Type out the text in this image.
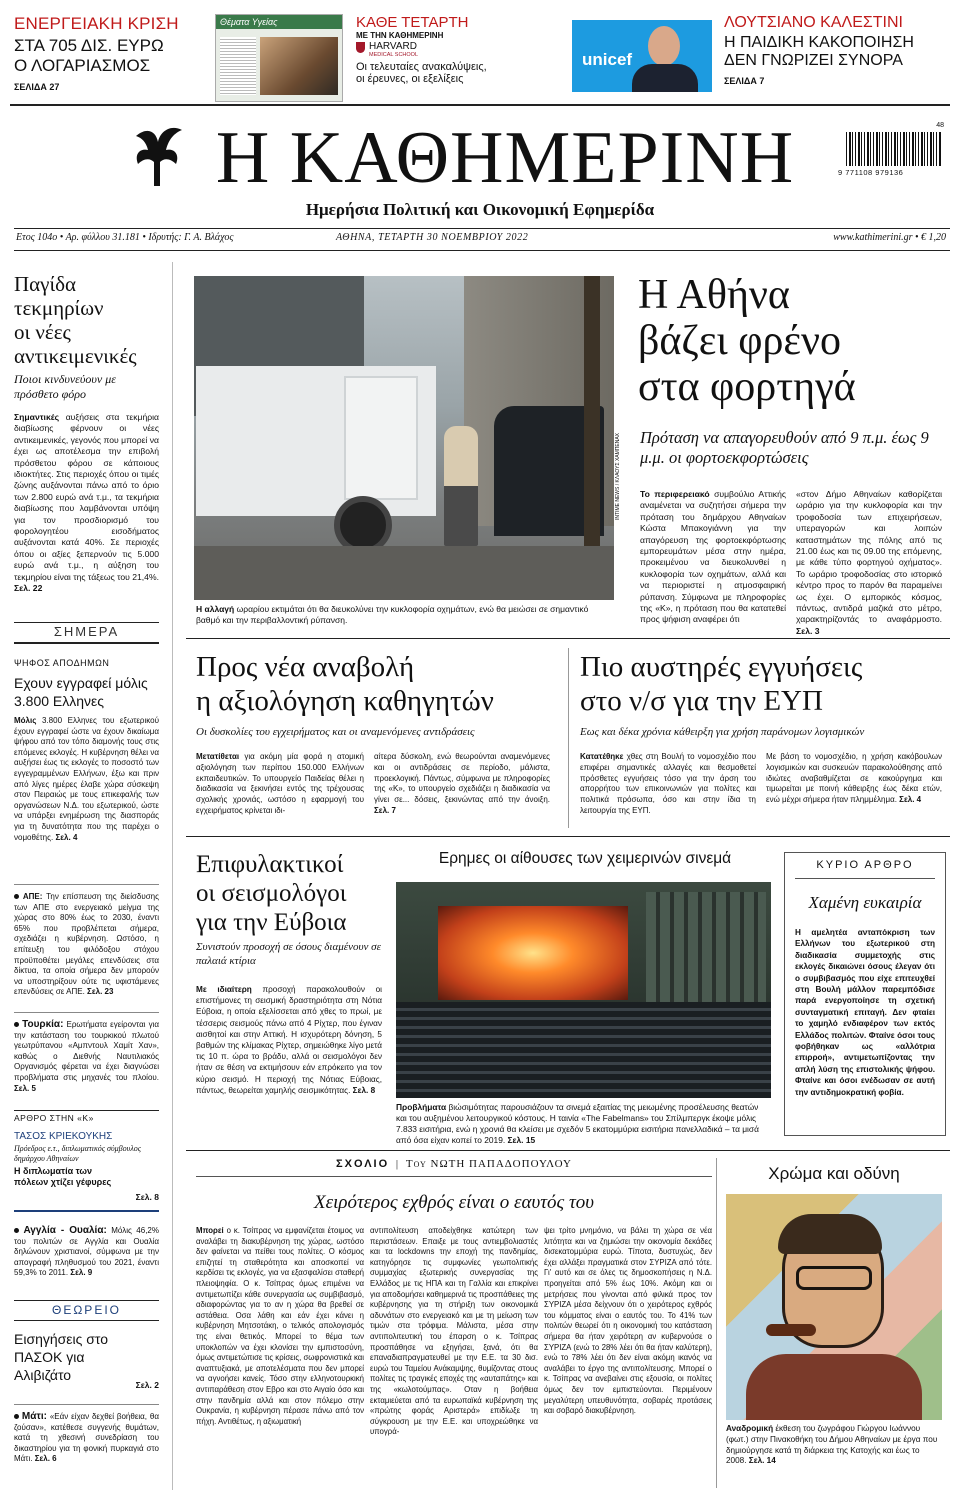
ΕΝΕΡΓΕΙΑΚΗ ΚΡΙΣΗ
ΣΤΑ 705 ΔΙΣ. ΕΥΡΩ
Ο ΛΟΓΑΡΙΑΣΜΟΣ
ΣΕΛΙΔΑ 27
Θέματα Υγείας	ΚΑΘΕ ΤΕΤΑΡΤΗ
ΜΕ ΤΗΝ ΚΑΘΗΜΕΡΙΝΗ
HARVARD
MEDICAL SCHOOL
Οι τελευταίες ανακαλύψεις,
οι έρευνες, οι εξελίξεις
unicef
ΛΟΥΤΣΙΑΝΟ ΚΑΛΕΣΤΙΝΙ
Η ΠΑΙΔΙΚΗ ΚΑΚΟΠΟΙΗΣΗ
ΔΕΝ ΓΝΩΡΙΖΕΙ ΣΥΝΟΡΑ
ΣΕΛΙΔΑ 7
Η ΚΑΘΗΜΕΡΙΝΗ
Ημερήσια Πολιτική και Οικονομική Εφημερίδα
48
9 771108 979136
Ετος 104ο • Αρ. φύλλου 31.181 • Ιδρυτής: Γ. Α. Βλάχος	ΑΘΗΝΑ, ΤΕΤΑΡΤΗ 30 ΝΟΕΜΒΡΙΟΥ 2022	www.kathimerini.gr • € 1,20
Παγίδα
τεκμηρίων
οι νέες
αντικειμενικές
Ποιοι κινδυνεύουν με πρόσθετο φόρο
Σημαντικές αυξήσεις στα τεκμήρια διαβίωσης φέρνουν οι νέες αντικειμενικές, γεγονός που μπορεί να έχει ως αποτέλεσμα την επιβολή πρόσθετου φόρου σε κάποιους ιδιοκτήτες. Στις περιοχές όπου οι τιμές ζώνης αυξάνονται πάνω από το όριο των 2.800 ευρώ ανά τ.μ., τα τεκμήρια διαβίωσης που λαμβάνονται υπόψη για τον προσδιορισμό του φορολογητέου εισοδήματος αυξάνονται κατά 40%. Σε περιοχές όπου οι αξίες ξεπερνούν τις 5.000 ευρώ ανά τ.μ., η αύξηση του τεκμηρίου είναι της τάξεως του 21,4%. Σελ. 22
ΣΗΜΕΡΑ
ΨΗΦΟΣ ΑΠΟΔΗΜΩΝ
Εχουν εγγραφεί μόλις 3.800 Ελληνες
Μόλις 3.800 Ελληνες του εξωτερικού έχουν εγγραφεί ώστε να έχουν δικαίωμα ψήφου από τον τόπο διαμονής τους στις επόμενες εκλογές. Η κυβέρνηση θέλει να αυξήσει έως τις εκλογές το ποσοστό των εγγεγραμμένων Ελλήνων, έξω και πριν από λίγες ημέρες έλαβε χώρα σύσκεψη στον Πειραιώς με τους επικεφαλής των οργανώσεων Ν.Δ. του εξωτερικού, ώστε να υπάρξει ενημέρωση της διασποράς για τη δυνατότητα που της παρέχει ο νομοθέτης. Σελ. 4
ΑΠΕ: Την επίσπευση της διείσδυσης των ΑΠΕ στο ενεργειακό μείγμα της χώρας στο 80% έως το 2030, έναντι 65% που προβλέπεται σήμερα, σχεδιάζει η κυβέρνηση. Ωστόσο, η επίτευξη του φιλόδοξου στόχου προϋποθέτει μεγάλες επενδύσεις στα δίκτυα, τα οποία σήμερα δεν μπορούν να υποστηρίξουν ούτε τις υφιστάμενες επενδύσεις σε ΑΠΕ. Σελ. 23
Τουρκία: Ερωτήματα εγείρονται για την κατάσταση του τουρκικού πλωτού γεωτρύπανου «Αμπντουλ Χαμίτ Χαν», καθώς ο Διεθνής Ναυτιλιακός Οργανισμός φέρεται να έχει διαγνώσει προβλήματα στις μηχανές του πλοίου. Σελ. 5
ΑΡΘΡΟ ΣΤΗΝ «Κ»
ΤΑΣΟΣ ΚΡΙΕΚΟΥΚΗΣ
Πρόεδρος ε.τ., διπλωματικός σύμβουλος δημάρχου Αθηναίων
Η διπλωματία των πόλεων χτίζει γέφυρες
Σελ. 8
Αγγλία - Ουαλία: Μόλις 46,2% του πολιτών σε Αγγλία και Ουαλία δηλώνουν χριστιανοί, σύμφωνα με την απογραφή πληθυσμού του 2021, έναντι 59,3% το 2011. Σελ. 9
ΘΕΩΡΕΙΟ
Εισηγήσεις στο ΠΑΣΟΚ για Αλιβιζάτο
Σελ. 2
Μάτι: «Εάν είχαν δεχθεί βοήθεια, θα ζούσαν», κατέθεσε συγγενής θυμάτων, κατά τη χθεσινή συνεδρίαση του δικαστηρίου για τη φονική πυρκαγιά στο Μάτι. Σελ. 6
INTIME NEWS / ΚΛΑΟΥΣ ΧΑΜΠΕΝΑΧ
Η αλλαγή ωραρίου εκτιμάται ότι θα διευκολύνει την κυκλοφορία οχημάτων, ενώ θα μειώσει σε σημαντικό βαθμό και την περιβαλλοντική ρύπανση.
Η Αθήνα
βάζει φρένο
στα φορτηγά
Πρόταση να απαγορευθούν από 9 π.μ. έως 9 μ.μ. οι φορτοεκφορτώσεις
Το περιφερειακό συμβούλιο Αττικής αναμένεται να συζητήσει σήμερα την πρόταση του δημάρχου Αθηναίων Κώστα Μπακογιάννη για την απαγόρευση της φορτοεκφόρτωσης εμπορευμάτων μέσα στην ημέρα, προκειμένου να διευκολυνθεί η κυκλοφορία των οχημάτων, αλλά και να περιοριστεί η ατμοσφαιρική ρύπανση. Σύμφωνα με πληροφορίες της «Κ», η πρόταση που θα κατατεθεί προς ψήφιση αναφέρει ότι
«στον Δήμο Αθηναίων καθορίζεται ωράριο για την κυκλοφορία και την τροφοδοσία των επιχειρήσεων, υπεραγορών και λοιπών καταστημάτων της πόλης από τις 21.00 έως και τις 09.00 της επόμενης, με κάθε τύπο φορτηγού οχήματος». Το ωράριο τροφοδοσίας στο ιστορικό κέντρο προς το παρόν θα παραμείνει ως έχει. Ο εμπορικός κόσμος, πάντως, αντιδρά μαζικά στο μέτρο, χαρακτηρίζοντάς το αναφάρμοστο. Σελ. 3
Προς νέα αναβολή
η αξιολόγηση καθηγητών
Οι δυσκολίες του εγχειρήματος και οι αναμενόμενες αντιδράσεις
Μετατίθεται για ακόμη μία φορά η ατομική αξιολόγηση των περίπου 150.000 Ελλήνων εκπαιδευτικών. Το υπουργείο Παιδείας θέλει η διαδικασία να ξεκινήσει εντός της τρέχουσας σχολικής χρονιάς, ωστόσο η εφαρμογή του εγχειρήματος κρίνεται ιδι-
αίτερα δύσκολη, ενώ θεωρούνται αναμενόμενες και οι αντιδράσεις σε περίοδο, μάλιστα, προεκλογική. Πάντως, σύμφωνα με πληροφορίες της «Κ», το υπουργείο σχεδιάζει η διαδικασία να γίνει σε... δόσεις, ξεκινώντας από την άνοιξη. Σελ. 7
Πιο αυστηρές εγγυήσεις
στο ν/σ για την ΕΥΠ
Εως και δέκα χρόνια κάθειρξη για χρήση παράνομων λογισμικών
Κατατέθηκε χθες στη Βουλή το νομοσχέδιο που επιφέρει σημαντικές αλλαγές και θεσμοθετεί πρόσθετες εγγυήσεις τόσο για την άρση του απορρήτου των επικοινωνιών για πολίτες και πολιτικά πρόσωπα, όσο και στην ίδια τη λειτουργία της ΕΥΠ.
Με βάση το νομοσχέδιο, η χρήση κακόβουλων λογισμικών και συσκευών παρακολούθησης από ιδιώτες αναβαθμίζεται σε κακούργημα και τιμωρείται με ποινή κάθειρξης έως δέκα ετών, ενώ μέχρι σήμερα ήταν πλημμέλημα. Σελ. 4
Επιφυλακτικοί
οι σεισμολόγοι
για την Εύβοια
Συνιστούν προσοχή σε όσους διαμένουν σε παλαιά κτίρια
Με ιδιαίτερη προσοχή παρακολουθούν οι επιστήμονες τη σεισμική δραστηριότητα στη Νότια Εύβοια, η οποία εξελίσσεται από χθες το πρωί, με τέσσερις σεισμούς πάνω από 4 Ρίχτερ, που έγιναν αισθητοί και στην Αττική. Η ισχυρότερη δόνηση, 5 βαθμών της κλίμακας Ρίχτερ, σημειώθηκε λίγο μετά τις 10 π. ώρα το βράδυ, αλλά οι σεισμολόγοι δεν ήταν σε θέση να εκτιμήσουν εάν επρόκειτο για τον κύριο σεισμό. Η περιοχή της Νότιας Εύβοιας, πάντως, θεωρείται χαμηλής σεισμικότητας. Σελ. 8
Ερημες οι αίθουσες των χειμερινών σινεμά
Προβλήματα βιώσιμότητας παρουσιάζουν τα σινεμά εξαιτίας της μειωμένης προσέλευσης θεατών και του αυξημένου λειτουργικού κόστους. Η ταινία «The Fabelmans» του Σπίλμπεργκ έκοψε μόλις 7.833 εισιτήρια, ενώ η χρονιά θα κλείσει με σχεδόν 5 εκατομμύρια εισιτήρια πανελλαδικά – τα μισά από όσα είχαν κοπεί το 2019. Σελ. 15
ΚΥΡΙΟ ΑΡΘΡΟ
Χαμένη ευκαιρία
Η αμελητέα ανταπόκριση των Ελλήνων του εξωτερικού στη διαδικασία συμμετοχής στις εκλογές δικαιώνει όσους έλεγαν ότι ο συμβιβασμός που είχε επιτευχθεί στη Βουλή μάλλον παρεμπόδισε παρά ενεργοποίησε τη σχετική συνταγματική επιταγή. Δεν φταίει το χαμηλό ενδιαφέρον των εκτός Ελλάδος πολιτών. Φταίνε όσοι τους φοβήθηκαν ως «αλλότρια επιρροή», αντιμετωπίζοντας την απλή λύση της επιστολικής ψήφου. Φταίνε και όσοι ενέδωσαν σε αυτή την αντιδημοκρατική φοβία.
ΣΧΟΛΙΟ | Του ΝΩΤΗ ΠΑΠΑΔΟΠΟΥΛΟΥ
Χειρότερος εχθρός είναι ο εαυτός του
Μπορεί ο κ. Τσίπρας να εμφανίζεται έτοιμος να αναλάβει τη διακυβέρνηση της χώρας, ωστόσο δεν φαίνεται να πείθει τους πολίτες. Ο κόσμος επιζητεί τη σταθερότητα και αποσκοπεί να κερδίσει τις εκλογές, για να εξασφαλίσει σταθερή πλειοψηφία. Ο κ. Τσίπρας όμως επιμένει να αντιμετωπίζει κάθε συνεργασία ως συμβιβασμό, αδιαφορώντας για το αν η χώρα θα βρεθεί σε αστάθεια. Οσα λάθη και εάν έχει κάνει η κυβέρνηση Μητσοτάκη, ο τελικός απολογισμός της είναι θετικός. Μπορεί το θέμα των υποκλοπών να έχει κλονίσει την εμπιστοσύνη, όμως αντιμετώπισε τις κρίσεις, σωφρονιστικά και αναπτυξιακά, με αποτελέσματα που δεν μπορεί να αγνοήσει κανείς. Τόσο στην ελληνοτουρκική αντιπαράθεση στον Εβρο και στο Αιγαίο όσο και στην πανδημία αλλά και στον πόλεμο στην Ουκρανία, η κυβέρνηση πέρασε πάνω από τον πήχη. Αντιθέτως, η αξιωματική
αντιπολίτευση αποδείχθηκε κατώτερη των περιστάσεων. Επαιξε με τους αντιεμβολιαστές και τα lockdowns την εποχή της πανδημίας, κατηγόρησε τις συμφωνίες γεωπολιτικής συμμαχίας εξωτερικής συνεργασίας της Ελλάδος με τις ΗΠΑ και τη Γαλλία και επικρίνει για αποδομήσει καθημερινά τις προσπάθειες της κυβέρνησης για τη στήριξη των οικονομικά αδυνάτων στο ενεργειακό και με τη μείωση των τιμών στα τρόφιμα. Μάλιστα, μέσα στην αντιπολιτευτική του έπαρση ο κ. Τσίπρας προσπάθησε να εξηγήσει, ξανά, ότι θα επαναδιαπραγματευθεί με την Ε.Ε. τα 30 δισ. ευρώ του Ταμείου Ανάκαμψης, θυμίζοντας στους πολίτες τις τραγικές εποχές της «αυταπάτης» και της «κωλοτούμπας». Οταν η βοήθεια εκταμιεύεται από τα ευρωπαϊκά κυβέρνηση της «πρώτης φοράς Αριστερά» επιδίωξε τη σύγκρουση με την Ε.Ε. και υποχρεώθηκε να υπογρά-
ψει τρίτο μνημόνιο, να βάλει τη χώρα σε νέα λιτότητα και να ζημιώσει την οικονομία δεκάδες δισεκατομμύρια ευρώ. Τίποτα, δυστυχώς, δεν έχει αλλάξει πραγματικά στον ΣΥΡΙΖΑ από τότε. Γι' αυτό και σε όλες τις δημοσκοπήσεις η Ν.Δ. προηγείται από 5% έως 10%. Ακόμη και οι μετρήσεις που γίνονται από φιλικά προς τον ΣΥΡΙΖΑ μέσα δείχνουν ότι ο χειρότερος εχθρός του κόμματος είναι ο εαυτός του. Το 41% των πολιτών θεωρεί ότι η οικονομική του κατάσταση σήμερα θα ήταν χειρότερη αν κυβερνούσε ο ΣΥΡΙΖΑ (ενώ το 28% λέει ότι θα ήταν καλύτερη), ενώ το 78% λέει ότι δεν είναι ακόμη ικανός να αναλάβει το έργο της αντιπολίτευσης. Μπορεί ο κ. Τσίπρας να ανεβαίνει στις εξουσία, οι πολίτες όμως δεν τον εμπιστεύονται. Περιμένουν μεγαλύτερη υπευθυνότητα, σοβαρές προτάσεις και σοβαρό διακυβέρνηση.
Χρώμα και οδύνη
Αναδρομική έκθεση του ζωγράφου Γιώργου Ιωάννου (φωτ.) στην Πινακοθήκη του Δήμου Αθηναίων με έργα που δημιούργησε κατά τη διάρκεια της Κατοχής και έως το 2008. Σελ. 14
